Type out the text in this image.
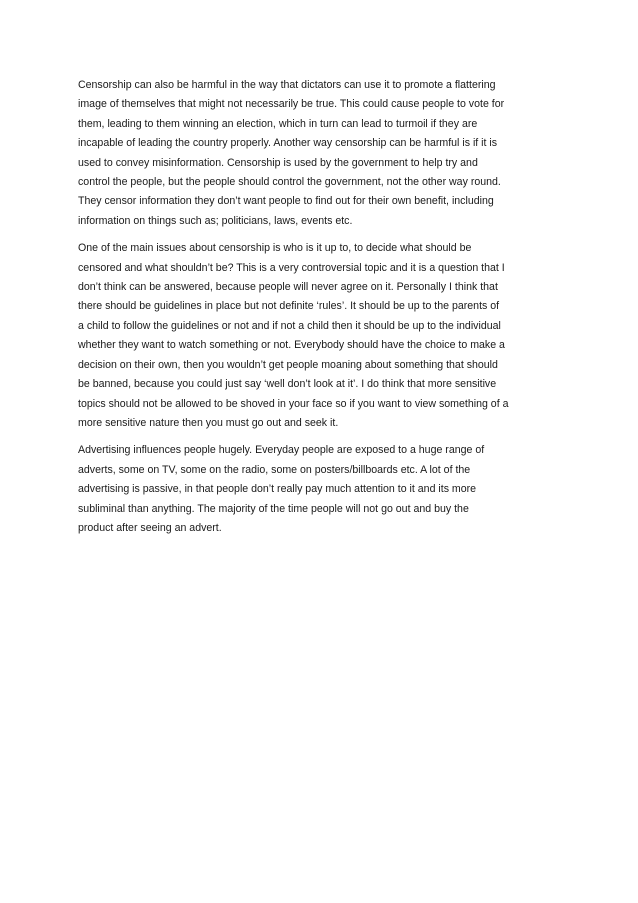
Censorship can also be harmful in the way that dictators can use it to promote a flattering
image of themselves that might not necessarily be true. This could cause people to vote for
them, leading to them winning an election, which in turn can lead to turmoil if they are
incapable of leading the country properly. Another way censorship can be harmful is if it is
used to convey misinformation. Censorship is used by the government to help try and
control the people, but the people should control the government, not the other way round.
They censor information they don’t want people to find out for their own benefit, including
information on things such as; politicians, laws, events etc.

One of the main issues about censorship is who is it up to, to decide what should be
censored and what shouldn’t be? This is a very controversial topic and it is a question that I
don’t think can be answered, because people will never agree on it. Personally I think that
there should be guidelines in place but not definite ‘rules’. It should be up to the parents of
a child to follow the guidelines or not and if not a child then it should be up to the individual
whether they want to watch something or not. Everybody should have the choice to make a
decision on their own, then you wouldn’t get people moaning about something that should
be banned, because you could just say ‘well don’t look at it’. I do think that more sensitive
topics should not be allowed to be shoved in your face so if you want to view something of a
more sensitive nature then you must go out and seek it.

Advertising influences people hugely. Everyday people are exposed to a huge range of
adverts, some on TV, some on the radio, some on posters/billboards etc. A lot of the
advertising is passive, in that people don’t really pay much attention to it and its more
subliminal than anything. The majority of the time people will not go out and buy the
product after seeing an advert.
